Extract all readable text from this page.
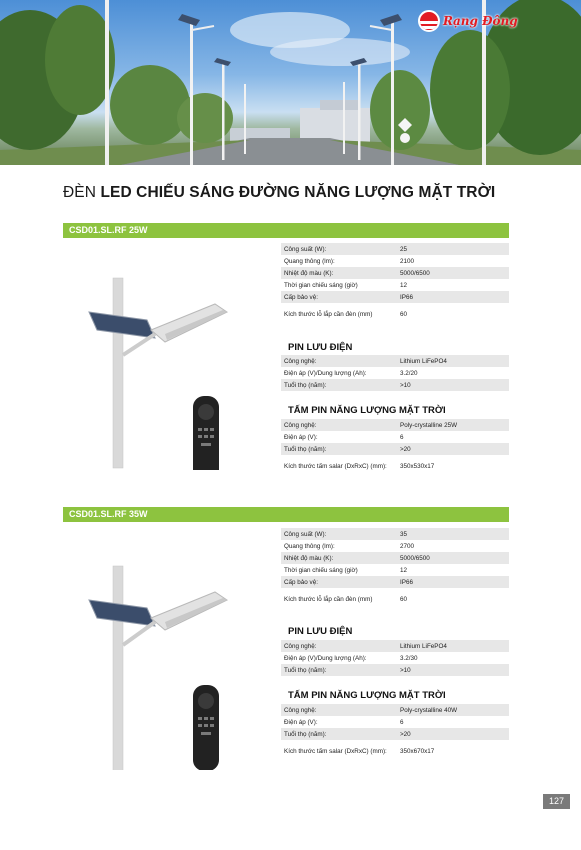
Rạng Đông
ĐÈN LED CHIẾU SÁNG ĐƯỜNG NĂNG LƯỢNG MẶT TRỜI
CSD01.SL.RF 25W
Công suất (W):	25
Quang thông (lm):	2100
Nhiệt độ màu (K):	5000/6500
Thời gian chiếu sáng (giờ)	12
Cấp bảo vệ:	IP66
Kích thước lỗ lắp cần đèn (mm)	60
PIN LƯU ĐIỆN
Công nghệ:	Lithium LiFePO4
Điện áp (V)/Dung lượng (Ah):	3.2/20
Tuổi thọ (năm):	>10
TẤM PIN NĂNG LƯỢNG MẶT TRỜI
Công nghệ:	Poly-crystalline 25W
Điện áp (V):	6
Tuổi thọ (năm):	>20
Kích thước tấm salar (DxRxC) (mm):	350x530x17
CSD01.SL.RF 35W
Công suất (W):	35
Quang thông (lm):	2700
Nhiệt độ màu (K):	5000/6500
Thời gian chiếu sáng (giờ)	12
Cấp bảo vệ:	IP66
Kích thước lỗ lắp cần đèn (mm)	60
PIN LƯU ĐIỆN
Công nghệ:	Lithium LiFePO4
Điện áp (V)/Dung lượng (Ah):	3.2/30
Tuổi thọ (năm):	>10
TẤM PIN NĂNG LƯỢNG MẶT TRỜI
Công nghệ:	Poly-crystalline 40W
Điện áp (V):	6
Tuổi thọ (năm):	>20
Kích thước tấm salar (DxRxC) (mm):	350x670x17
127
